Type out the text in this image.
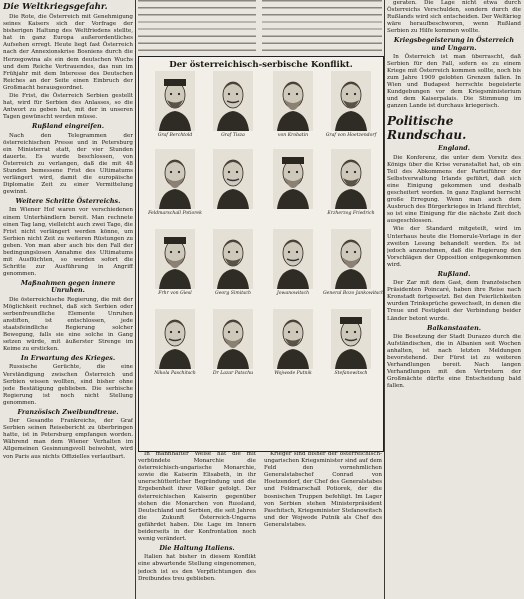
Die Weltkriegsgefahr.

Die Rote, die Österreich mit Genehmigung seines Kaisers sich der Vorfrage der bisherigen Haltung des Weltfriedens stellte, hat in ganz Europa außerordentliches Aufsehen erregt. Heute liegt fast Österreich nach der Annexionskrise Bosniens durch die Herzegowina als ein dem deutschen Wuchs und dem Reiche Vertrauendes, das nun im Frühjahr mit dem Interesse des Deutschen Reiches an der Seite einen Einbruch der Großmacht herausgeordnet.

Die Frist, die Österreich Serbien gestellt hat, wird für Serbien des Anlasses, so die Antwort zu geben hat, mit der in unseren Tagen gewünscht werden müsse.

Rußland eingreifen.

Nach den Telegrammen der österreichischen Presse und in Petersburg ein Ministerrat statt, der vier Stunden dauerte. Es wurde beschlossen, von Österreich zu verlangen, daß die mit 48 Stunden bemessene Frist des Ultimatums verlängert wird, damit die europäische Diplomatie Zeit zu einer Vermittelung gewinnt.

Weitere Schritte Österreichs.

Im Wiener Hof waren vor verschiedenen einem Unterhändlern bereit. Man rechnete einen Tag lang, vielleicht auch zwei Tage, die Frist nicht verlängert werden könne, um Serbien nicht Zeit zu weiteren Rüstungen zu geben. Von man aber auch bis den Fall der bedingungslosen Annahme des Ultimatums mit Ausflüchten, so werden sofort die Schritte zur Ausführung in Angriff genommen.

Maßnahmen gegen innere Unruhen.

Die österreichische Regierung, die mit der Möglichkeit rechnet, daß sich Serbien oder serbenfreundliche Elemente Unruhen anstiften, ist entschlossen, jede staatsfeindliche Regierung solcher Bewegung, falls sie eine solche in Gang setzen würde, mit äußerster Strenge im Keime zu ersticken.

In Erwartung des Krieges.

Russische Gerüchte, die eine Verständigung zwischen Österreich und Serbien wissen wollten, sind bisher ohne jede Bestätigung geblieben. Die serbische Regierung ist noch nicht Stellung genommen.

Französisch Zweibundtreue.

Der Gesandte Frankreichs, der Graf Serbien seinen Reisebericht zu überbringen hatte, ist in Petersburg empfangen worden. Während man dem Wiener Verhalten im Allgemeinen Gesinnungsvoll beiwohnt, wird von Paris aus nichts Offizielles verlautbart.

Der österreichisch-serbische Konflikt.
Graf Berchtold	Graf Tisza	von Krobatin	Graf von Hoetzendorf
Feldmarschall Potiorek	Erzherzog Friedrich
Frhr von Giesl	Georg Simitsch	Jowanowitsch	General Bozo Jankowitsch
Nikola Paschitsch	Dr Lazar Patschu	Wojwode Putnik	Stefanowitsch

In mannhafter Weise hat die mit verbündete Monarchie die österreichisch-ungarische Monarchie, sowie die Kaiserin Elisabeth, in ihr unerschütterlicher Begründung und die Ergebenheit ihrer Völker gefolgt. Der österreichischen Kaiserin gegenüber stehen die Monarchen von Russland, Deutschland und Serbien, die seit Jahren die Zukunft Österreich-Ungarns gefährdet haben. Die Lage im Innern beiderseits in der Konfrontation noch wenig verändert.

Die Haltung Italiens.

Italien hat bisher in diesem Konflikt eine abwartende Stellung eingenommen, jedoch ist es den Verpflichtungen des Dreibundes treu geblieben.

Krieger sind bisher der österreichisch-ungarischen Kriegsminister sind auf dem Feld den vornehmlichen Generalstabschef Conrad von Hoetzendorf, der Chef des Generalstabes und Feldmarschall Potiorek, der die bosnischen Truppen befehligt. Im Lager von Serbien stehen Ministerpräsident Paschitsch, Kriegsminister Stefanowitsch und der Wojwode Putnik als Chef des Generalstabes.

geraten. Die Lage nicht etwa durch Österreichs Verschulden, sondern durch die Rußlands wird sich entscheiden. Der Weltkrieg wäre heraufbeschworen, wenn Rußland Serbien zu Hilfe kommen wollte.

Kriegsbegeisterung in Österreich und Ungarn.

In Österreich ist man überrascht, daß Serbien für den Fall, sofern es zu einem Kriege mit Österreich kommen sollte, noch bis zum Jahre 1909 gelobten Grenzen fallen. In Wien und Budapest herrschte begeisterte Kundgebungen vor dem Kriegsministerium und dem Kaiserpalais. Die Stimmung im ganzen Lande ist durchaus kriegerisch.

Politische Rundschau.
England.

Die Konferenz, die unter dem Vorsitz des Königs über die Krise veranstaltet hat, ob ein Teil des Abkommens der Parteiführer der Selbstverwaltung Irlands geführt, daß sich eine Einigung gekommen und deshalb gescheitert worden. In ganz England herrscht große Erregung. Wenn man auch dem Ausbruch des Bürgerkrieges in Irland fürchtet, so ist eine Einigung für die nächste Zeit doch ausgeschlossen.

Wie der Standard mitgeteilt, wird im Unterhaus heute die Homerule-Vorlage in der zweiten Lesung behandelt werden. Es ist jedoch anzunehmen, daß die Regierung den Vorschlägen der Opposition entgegenkommen wird.

Rußland.

Der Zar mit dem Gast, dem französischen Präsidenten Poincaré, haben ihre Reise nach Kronstadt fortgesetzt. Bei den Feierlichkeiten wurden Trinksprüche gewechselt, in denen die Treue und Festigkeit der Verbindung beider Länder betont wurde.

Balkanstaaten.

Die Besetzung der Stadt Durazzo durch die Aufständischen, die in Albanien seit Wochen anhalten, ist nach letzten Meldungen bevorstehend. Der Fürst ist zu weiteren Verhandlungen bereit. Nach langen Verhandlungen mit den Vertretern der Großmächte dürfte eine Entscheidung bald fallen.
